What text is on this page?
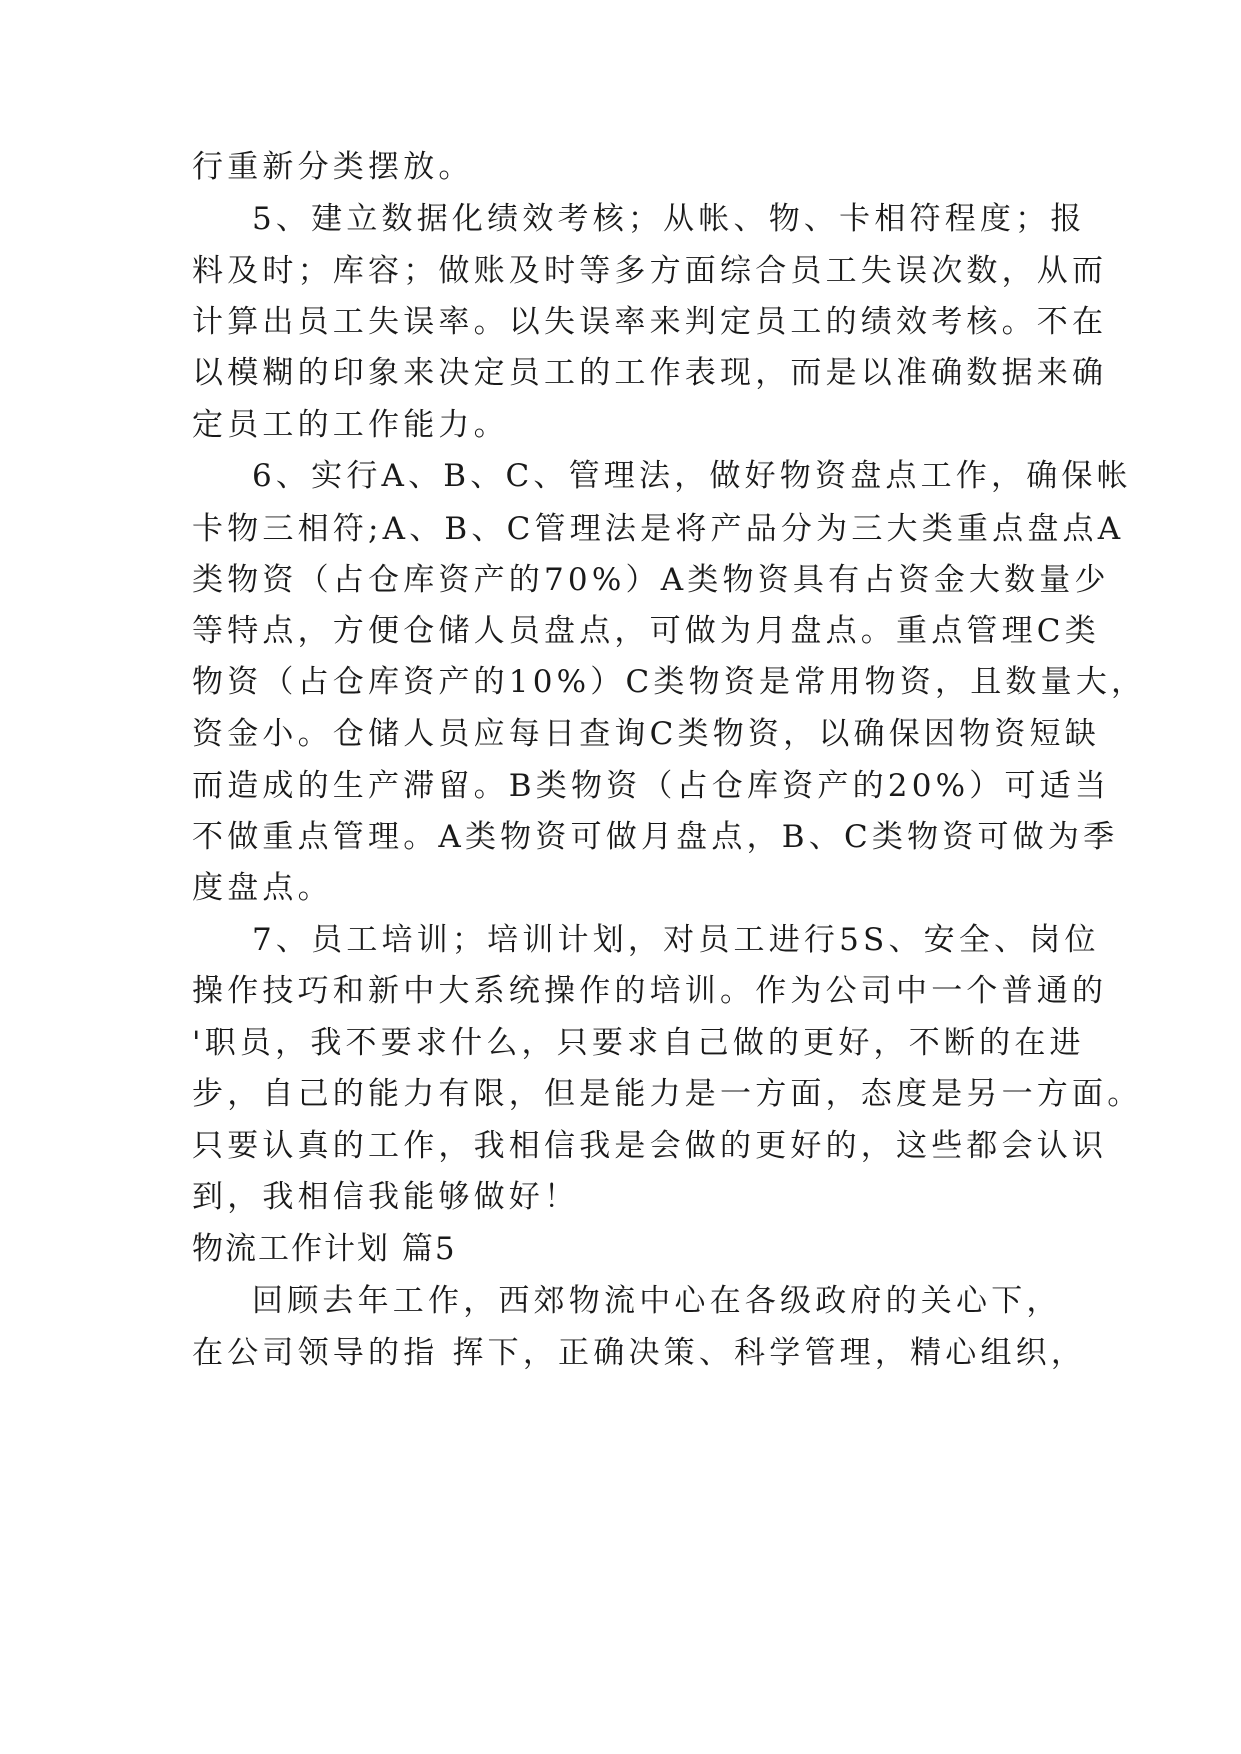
行重新分类摆放。
5、建立数据化绩效考核；从帐、物、卡相符程度；报
料及时；库容；做账及时等多方面综合员工失误次数，从而
计算出员工失误率。以失误率来判定员工的绩效考核。不在
以模糊的印象来决定员工的工作表现，而是以准确数据来确
定员工的工作能力。
6、实行A、B、C、管理法，做好物资盘点工作，确保帐
卡物三相符;A、B、C管理法是将产品分为三大类重点盘点A
类物资（占仓库资产的70%）A类物资具有占资金大数量少
等特点，方便仓储人员盘点，可做为月盘点。重点管理C类
物资（占仓库资产的10%）C类物资是常用物资，且数量大，
资金小。仓储人员应每日查询C类物资，以确保因物资短缺
而造成的生产滞留。B类物资（占仓库资产的20%）可适当
不做重点管理。A类物资可做月盘点，B、C类物资可做为季
度盘点。
7、员工培训；培训计划，对员工进行5S、安全、岗位
操作技巧和新中大系统操作的培训。作为公司中一个普通的
'职员，我不要求什么，只要求自己做的更好，不断的在进
步，自己的能力有限，但是能力是一方面，态度是另一方面。
只要认真的工作，我相信我是会做的更好的，这些都会认识
到，我相信我能够做好！
物流工作计划 篇5
回顾去年工作，西郊物流中心在各级政府的关心下，
在公司领导的指 挥下，正确决策、科学管理，精心组织，
